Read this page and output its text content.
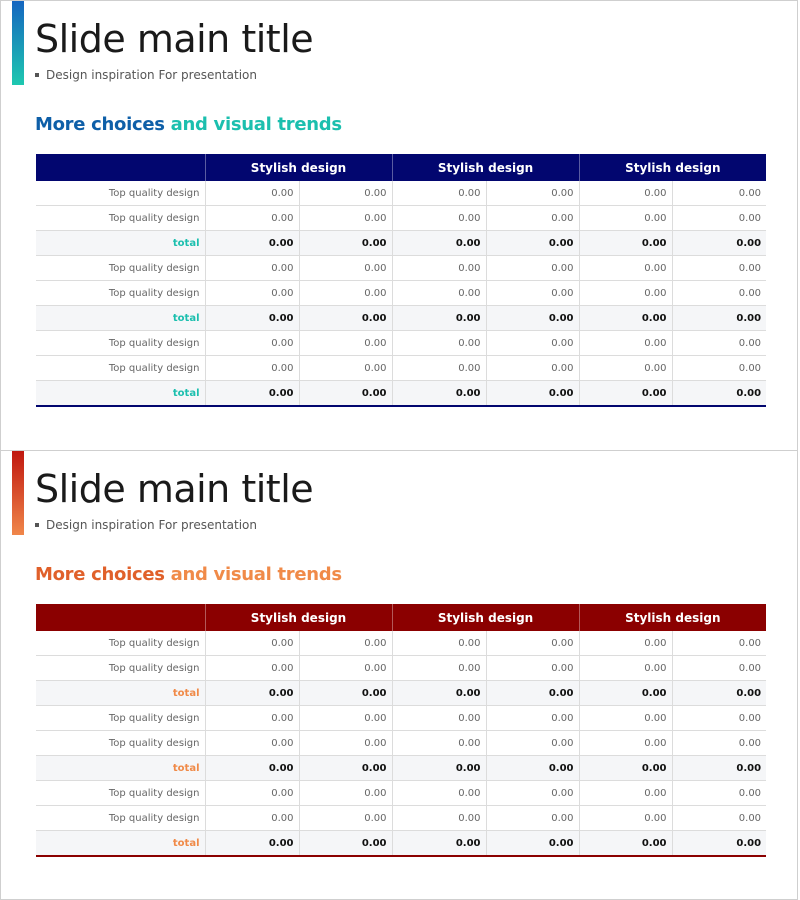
Slide main title
Design inspiration For presentation
More choices and visual trends
	Stylish design		Stylish design		Stylish design	
Top quality design	0.00	0.00	0.00	0.00	0.00	0.00
Top quality design	0.00	0.00	0.00	0.00	0.00	0.00
total	0.00	0.00	0.00	0.00	0.00	0.00
Top quality design	0.00	0.00	0.00	0.00	0.00	0.00
Top quality design	0.00	0.00	0.00	0.00	0.00	0.00
total	0.00	0.00	0.00	0.00	0.00	0.00
Top quality design	0.00	0.00	0.00	0.00	0.00	0.00
Top quality design	0.00	0.00	0.00	0.00	0.00	0.00
total	0.00	0.00	0.00	0.00	0.00	0.00
Slide main title
Design inspiration For presentation
More choices and visual trends
	Stylish design		Stylish design		Stylish design	
Top quality design	0.00	0.00	0.00	0.00	0.00	0.00
Top quality design	0.00	0.00	0.00	0.00	0.00	0.00
total	0.00	0.00	0.00	0.00	0.00	0.00
Top quality design	0.00	0.00	0.00	0.00	0.00	0.00
Top quality design	0.00	0.00	0.00	0.00	0.00	0.00
total	0.00	0.00	0.00	0.00	0.00	0.00
Top quality design	0.00	0.00	0.00	0.00	0.00	0.00
Top quality design	0.00	0.00	0.00	0.00	0.00	0.00
total	0.00	0.00	0.00	0.00	0.00	0.00
